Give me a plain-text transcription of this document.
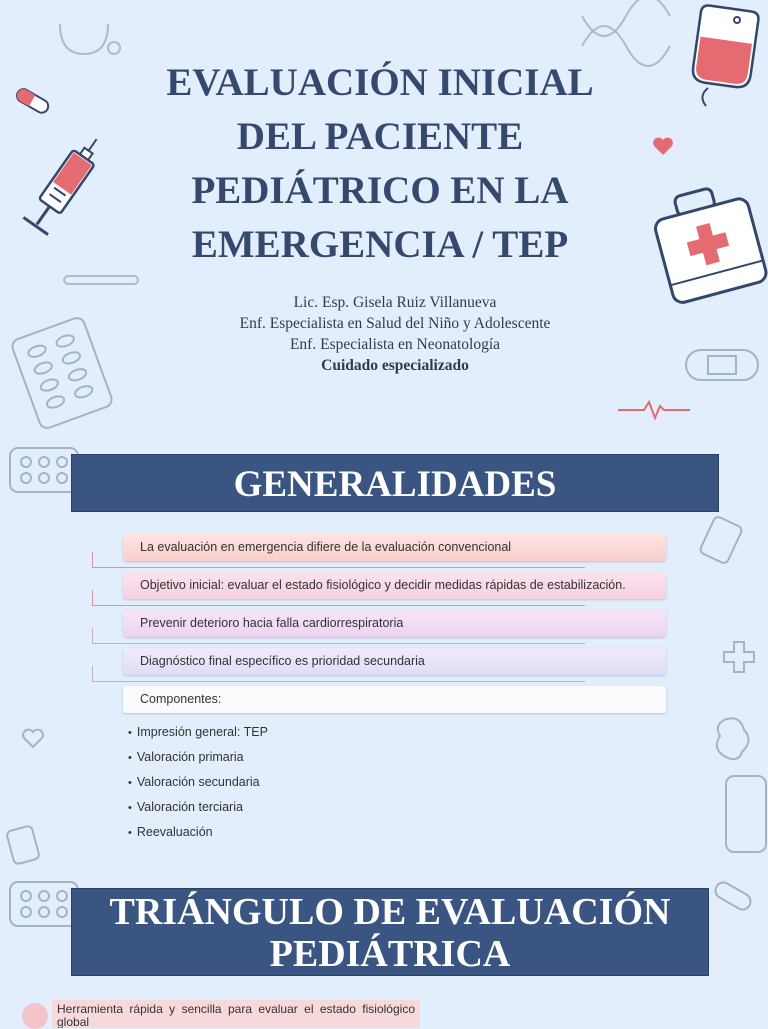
EVALUACIÓN INICIAL
DEL PACIENTE
PEDIÁTRICO EN LA
EMERGENCIA / TEP
Lic. Esp. Gisela Ruiz Villanueva
Enf. Especialista en Salud del Niño y Adolescente
Enf. Especialista en Neonatología
Cuidado especializado
GENERALIDADES
La evaluación en emergencia difiere de la evaluación convencional
Objetivo inicial: evaluar el estado fisiológico y decidir medidas rápidas de estabilización.
Prevenir deterioro hacia falla cardiorrespiratoria
Diagnóstico final específico es prioridad secundaria
Componentes:
• Impresión general: TEP
• Valoración primaria
• Valoración secundaria
• Valoración terciaria
• Reevaluación
TRIÁNGULO DE EVALUACIÓN
PEDIÁTRICA
Herramienta rápida y sencilla para evaluar el estado fisiológico global
